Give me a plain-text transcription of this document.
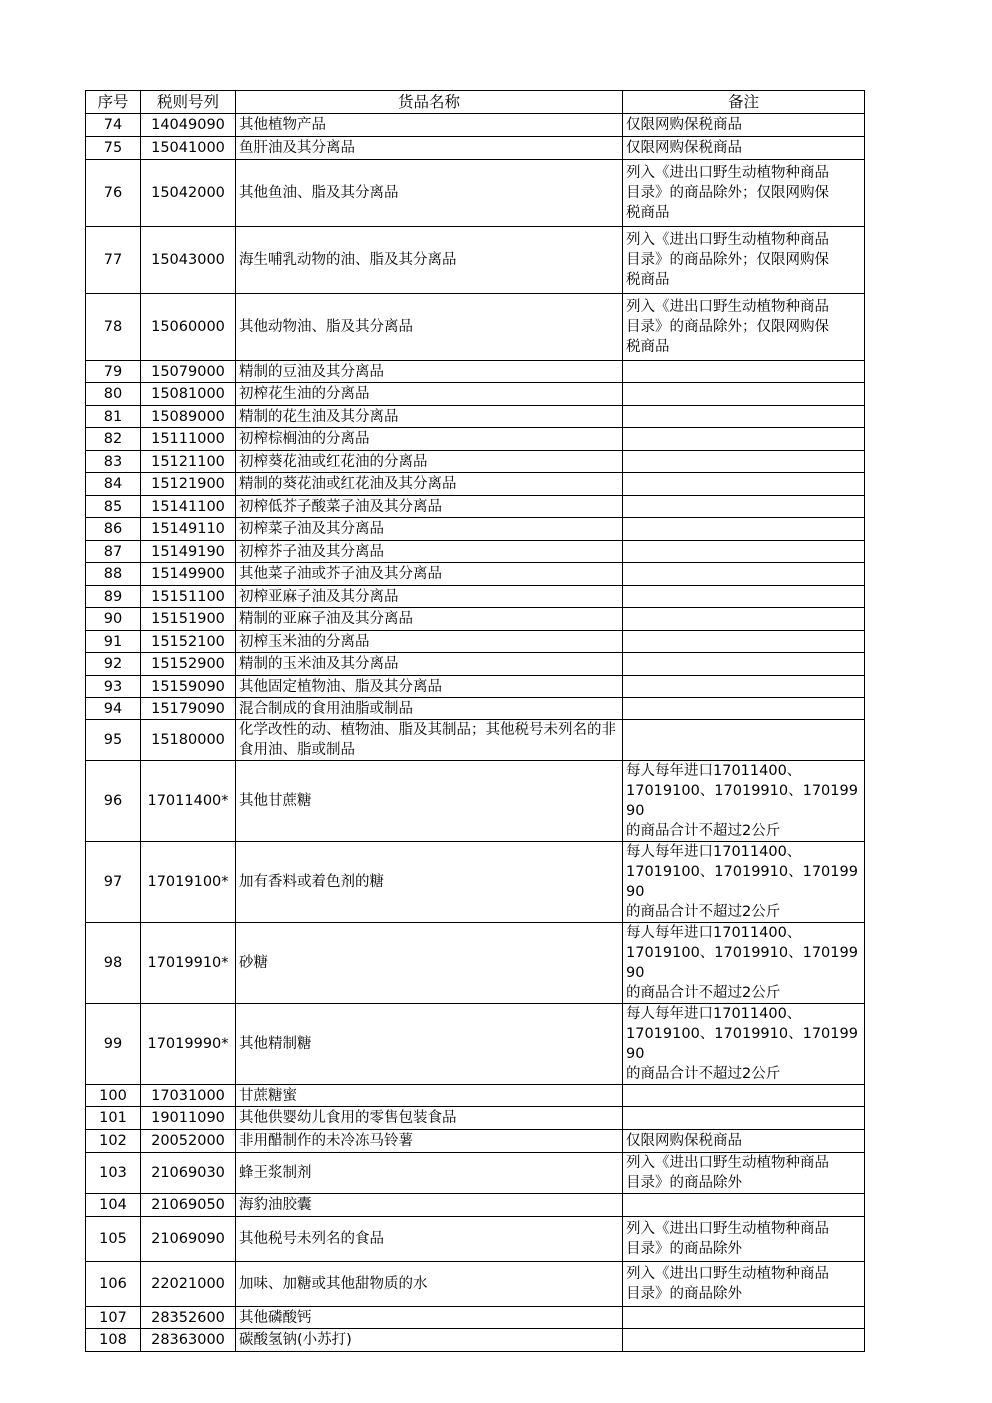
序号	税则号列	货品名称	备注
74	14049090	其他植物产品	仅限网购保税商品

75	15041000	鱼肝油及其分离品	仅限网购保税商品

76	15042000	其他鱼油、脂及其分离品	列入《进出口野生动植物种商品
目录》的商品除外；仅限网购保
税商品

77	15043000	海生哺乳动物的油、脂及其分离品	列入《进出口野生动植物种商品
目录》的商品除外；仅限网购保
税商品

78	15060000	其他动物油、脂及其分离品	列入《进出口野生动植物种商品
目录》的商品除外；仅限网购保
税商品

79	15079000	精制的豆油及其分离品	
80	15081000	初榨花生油的分离品	
81	15089000	精制的花生油及其分离品	
82	15111000	初榨棕榈油的分离品	
83	15121100	初榨葵花油或红花油的分离品	
84	15121900	精制的葵花油或红花油及其分离品	
85	15141100	初榨低芥子酸菜子油及其分离品	
86	15149110	初榨菜子油及其分离品	
87	15149190	初榨芥子油及其分离品	
88	15149900	其他菜子油或芥子油及其分离品	
89	15151100	初榨亚麻子油及其分离品	
90	15151900	精制的亚麻子油及其分离品	
91	15152100	初榨玉米油的分离品	
92	15152900	精制的玉米油及其分离品	
93	15159090	其他固定植物油、脂及其分离品	
94	15179090	混合制成的食用油脂或制品	
95	15180000	化学改性的动、植物油、脂及其制品；其他税号未列名的非食用油、脂或制品	
96	17011400*	其他甘蔗糖	每人每年进口17011400、
17019100、17019910、17019990
的商品合计不超过2公斤

97	17019100*	加有香料或着色剂的糖	每人每年进口17011400、
17019100、17019910、17019990
的商品合计不超过2公斤

98	17019910*	砂糖	每人每年进口17011400、
17019100、17019910、17019990
的商品合计不超过2公斤

99	17019990*	其他精制糖	每人每年进口17011400、
17019100、17019910、17019990
的商品合计不超过2公斤

100	17031000	甘蔗糖蜜	
101	19011090	其他供婴幼儿食用的零售包装食品	
102	20052000	非用醋制作的未冷冻马铃薯	仅限网购保税商品

103	21069030	蜂王浆制剂	列入《进出口野生动植物种商品
目录》的商品除外

104	21069050	海豹油胶囊	
105	21069090	其他税号未列名的食品	列入《进出口野生动植物种商品
目录》的商品除外

106	22021000	加味、加糖或其他甜物质的水	列入《进出口野生动植物种商品
目录》的商品除外

107	28352600	其他磷酸钙	
108	28363000	碳酸氢钠(小苏打)	
